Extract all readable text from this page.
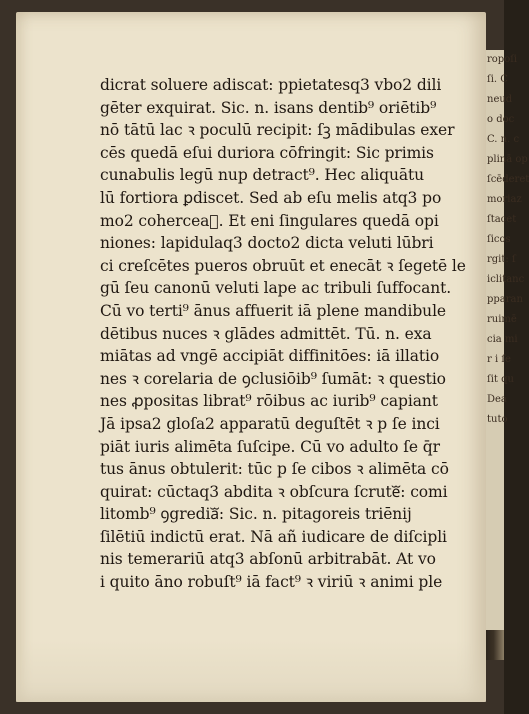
ropoſi
ſi. C
neud
o doc
C. n. c
plinā op
ſcēderet
moriaz
ſtacet
ſicos
rgit: ſ
iclitanc
pparan
ruimē
cia mi
r i ſe
ſit qu
Dea
tuto
dicrat soluere adiscat: ppietatesq3 vbo2 dili
gēter exquirat. Sic. n. isans dentib⁹ oriētib⁹
nō tātū lac ꝛ poculū recipit: ſꝫ mādibulas exer
cēs quedā eſui duriora cōfringit: Sic primis
cunabulis legū nup detract⁹. Hec aliquātu
lū fortiora ꝑdiscet. Sed ab eſu melis atq3 po
mo2 cohercea᷑. Et eni ſingulares quedā opi
niones: lapidulaq3 docto2 dicta veluti lūbri
ci creſcētes pueros obruūt et enecāt ꝛ ſegetē le
gū ſeu canonū veluti lape ac tribuli ſuffocant.
Cū vo terti⁹ ānus affuerit iā plene mandibule
dētibus nuces ꝛ glādes admittēt. Tū. n. exa
miātas ad vngē accipiāt diffinitōes: iā illatio
nes ꝛ corelaria de ꝯclusiōib⁹ ſumāt: ꝛ questio
nes ꝓpositas librat⁹ rōibus ac iurib⁹ capiant
Jā ipsa2 gloſa2 apparatū deguſtēt ꝛ p ſe inci
piāt iuris alimēta ſuſcipe. Cū vo adulto ſe q̄r
tus ānus obtulerit: tūc p ſe cibos ꝛ alimēta cō
quirat: cūctaq3 abdita ꝛ obſcura ſcruteᷓ: comi
litomb⁹ ꝯgrediaᷓ: Sic. n. pitagoreis triēnij
ſilētiū indictū erat. Nā añ iudicare de diſcipli
nis temerariū atq3 abſonū arbitrabāt. At vo
i quito āno robuſt⁹ iā fact⁹ ꝛ viriū ꝛ animi ple
